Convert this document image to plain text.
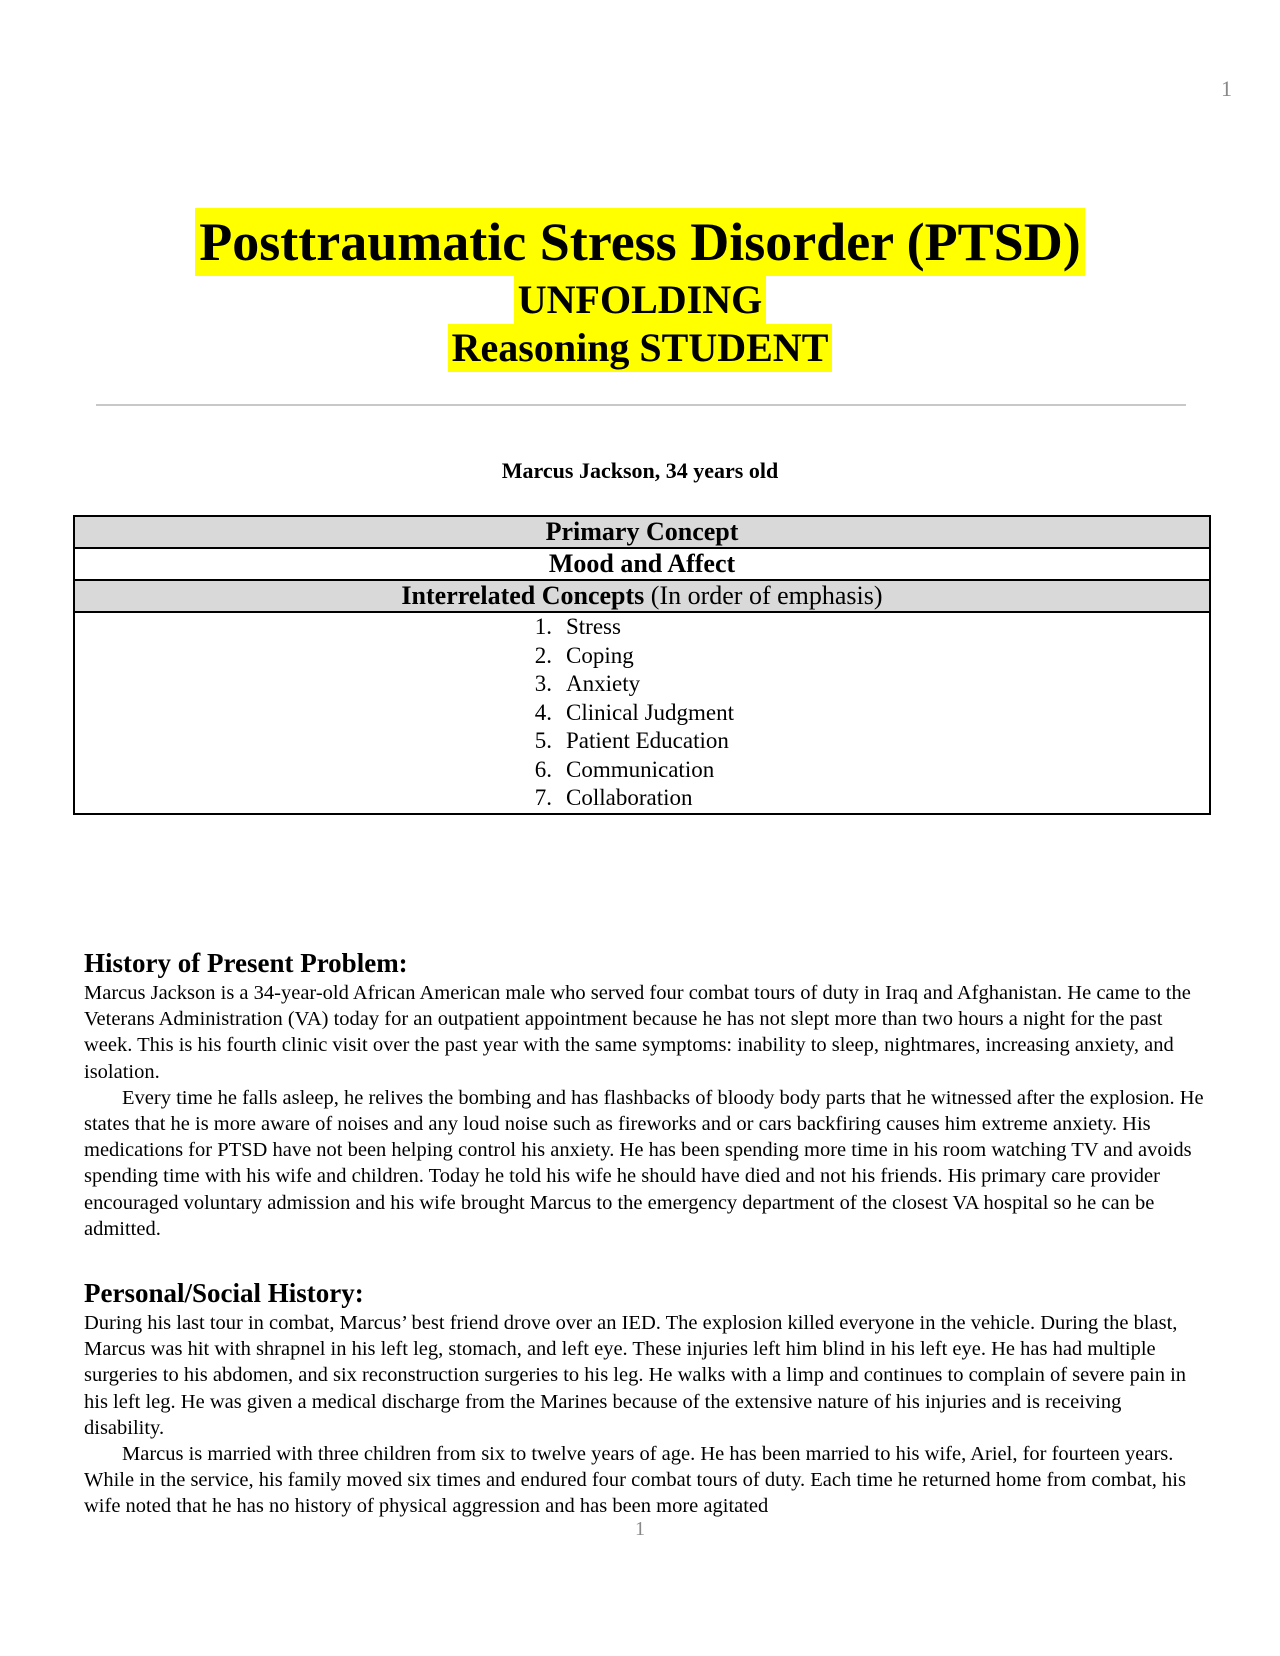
1
Posttraumatic Stress Disorder (PTSD)
UNFOLDING
Reasoning STUDENT
Marcus Jackson, 34 years old
Primary Concept
Mood and Affect
Interrelated Concepts (In order of emphasis)

1. Stress
2. Coping
3. Anxiety
4. Clinical Judgment
5. Patient Education
6. Communication
7. Collaboration
History of Present Problem:

Marcus Jackson is a 34-year-old African American male who served four combat tours of duty in Iraq and Afghanistan. He came to the Veterans Administration (VA) today for an outpatient appointment because he has not slept more than two hours a night for the past week. This is his fourth clinic visit over the past year with the same symptoms: inability to sleep, nightmares, increasing anxiety, and isolation.

Every time he falls asleep, he relives the bombing and has flashbacks of bloody body parts that he witnessed after the explosion. He states that he is more aware of noises and any loud noise such as fireworks and or cars backfiring causes him extreme anxiety. His medications for PTSD have not been helping control his anxiety. He has been spending more time in his room watching TV and avoids spending time with his wife and children. Today he told his wife he should have died and not his friends. His primary care provider encouraged voluntary admission and his wife brought Marcus to the emergency department of the closest VA hospital so he can be admitted.

Personal/Social History:

During his last tour in combat, Marcus’ best friend drove over an IED. The explosion killed everyone in the vehicle. During the blast, Marcus was hit with shrapnel in his left leg, stomach, and left eye. These injuries left him blind in his left eye. He has had multiple surgeries to his abdomen, and six reconstruction surgeries to his leg. He walks with a limp and continues to complain of severe pain in his left leg. He was given a medical discharge from the Marines because of the extensive nature of his injuries and is receiving disability.

Marcus is married with three children from six to twelve years of age. He has been married to his wife, Ariel, for fourteen years. While in the service, his family moved six times and endured four combat tours of duty. Each time he returned home from combat, his wife noted that he has no history of physical aggression and has been more agitated

1
